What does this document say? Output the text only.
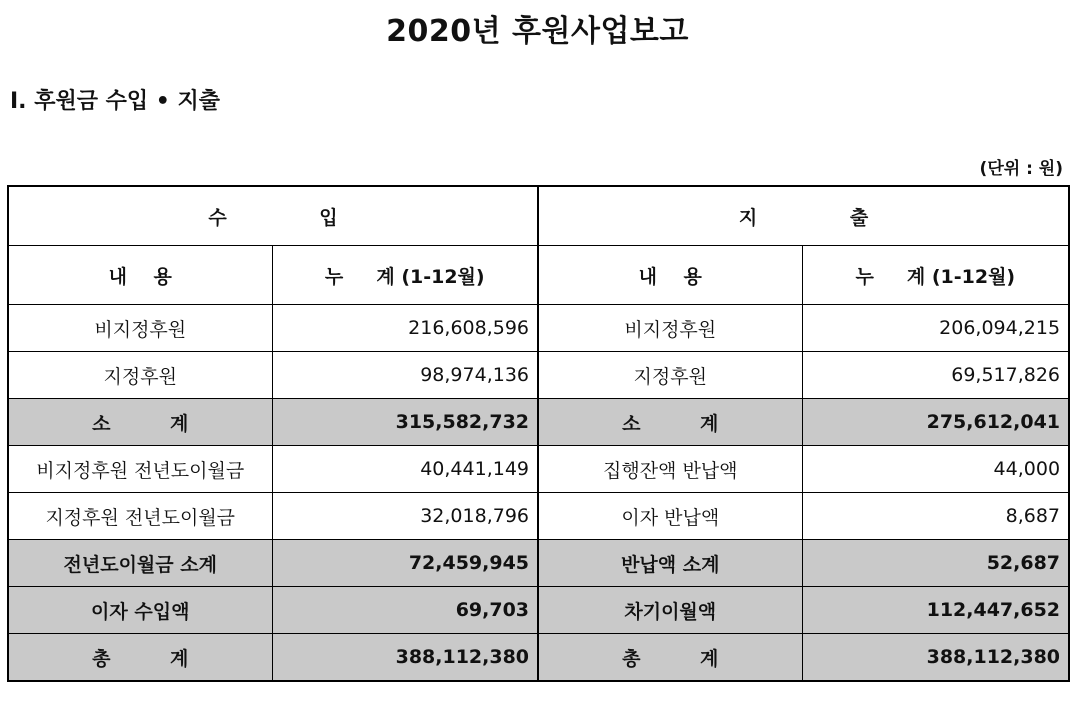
2020년 후원사업보고
Ⅰ. 후원금 수입 • 지출
(단위 : 원)
수              입		지              출	
내    용	누     계 (1-12월)	내    용	누     계 (1-12월)
비지정후원	216,608,596	비지정후원	206,094,215
지정후원	98,974,136	지정후원	69,517,826
소         계	315,582,732	소         계	275,612,041
비지정후원 전년도이월금	40,441,149	집행잔액 반납액	44,000
지정후원 전년도이월금	32,018,796	이자 반납액	8,687
전년도이월금 소계	72,459,945	반납액 소계	52,687
이자 수입액	69,703	차기이월액	112,447,652
총         계	388,112,380	총         계	388,112,380
